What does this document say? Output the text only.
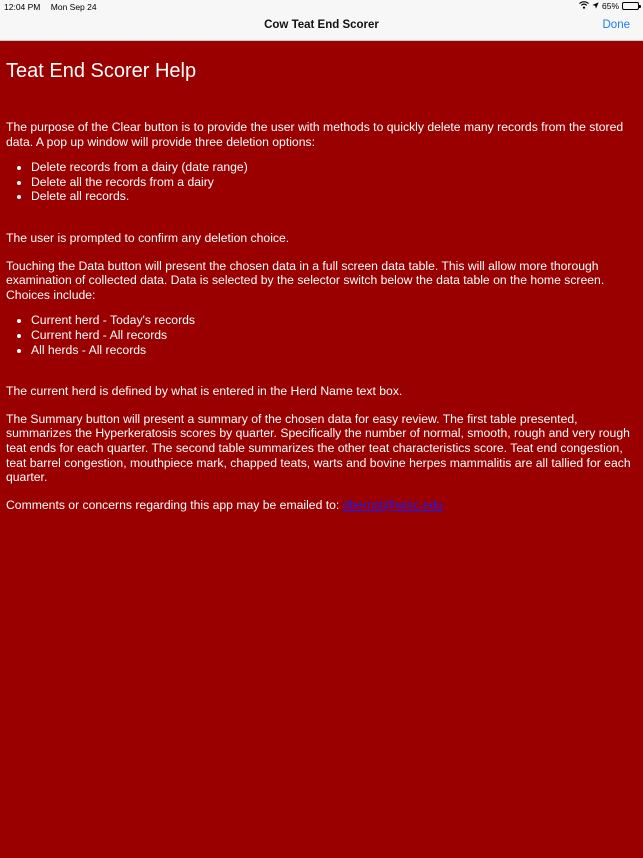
12:04 PM Mon Sep 24	65%
Cow Teat End Scorer	Done
Teat End Scorer Help

The purpose of the Clear button is to provide the user with methods to quickly delete many records from the stored data. A pop up window will provide three deletion options:

• Delete records from a dairy (date range)
• Delete all the records from a dairy
• Delete all records.

The user is prompted to confirm any deletion choice.

Touching the Data button will present the chosen data in a full screen data table. This will allow more thorough examination of collected data. Data is selected by the selector switch below the data table on the home screen. Choices include:

• Current herd - Today's records
• Current herd - All records
• All herds - All records

The current herd is defined by what is entered in the Herd Name text box.

The Summary button will present a summary of the chosen data for easy review. The first table presented, summarizes the Hyperkeratosis scores by quarter. Specifically the number of normal, smooth, rough and very rough teat ends for each quarter. The second table summarizes the other teat characteristics score. Teat end congestion, teat barrel congestion, mouthpiece mark, chapped teats, warts and bovine herpes mammalitis are all tallied for each quarter.

Comments or concerns regarding this app may be emailed to: dbernst@wisc.edu
